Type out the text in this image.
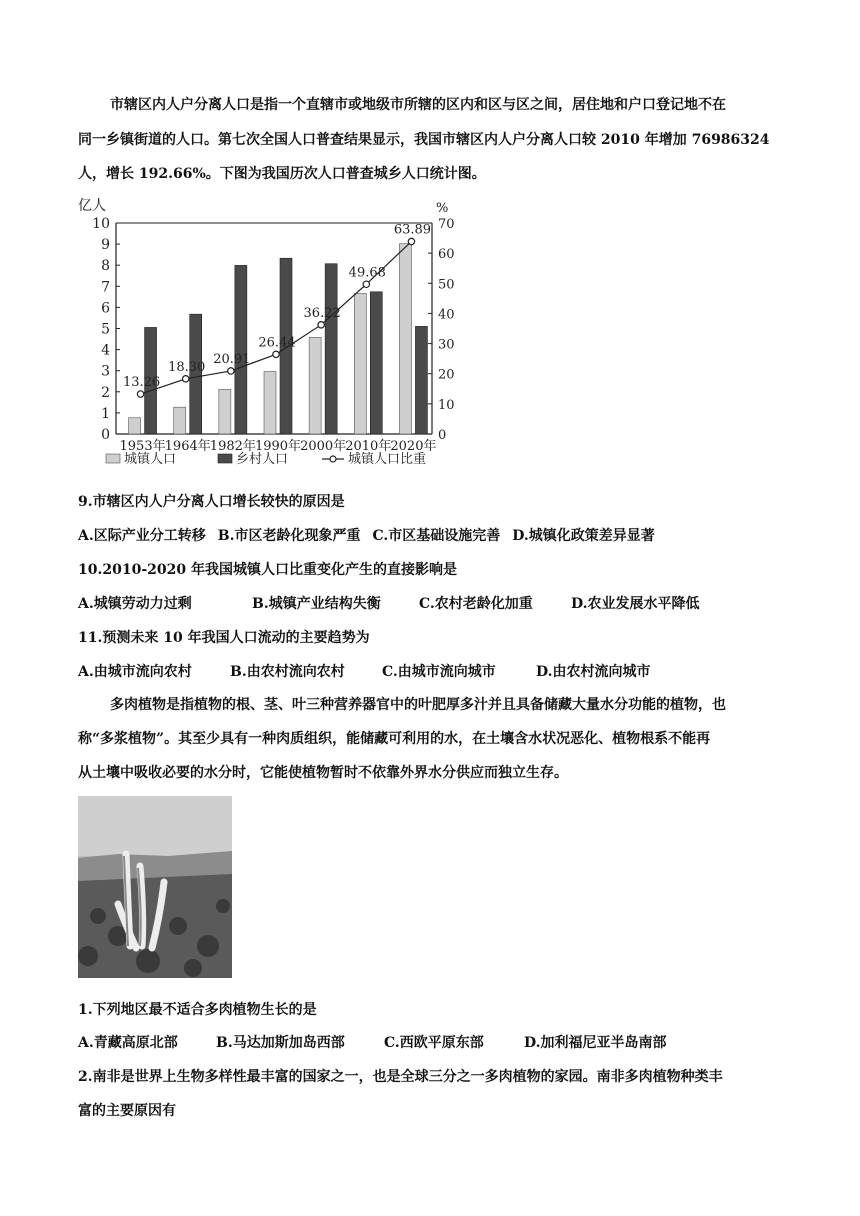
市辖区内人户分离人口是指一个直辖市或地级市所辖的区内和区与区之间，居住地和户口登记地不在
同一乡镇街道的人口。第七次全国人口普查结果显示，我国市辖区内人户分离人口较 2010 年增加 76986324
人，增长 192.66%。下图为我国历次人口普查城乡人口统计图。
0
1
2
3
4
5
6
7
8
9
10
0
10
20
30
40
50
60
70
亿人	%
1953年 1964年 1982年 1990年 2000年 2010年 2020年
13.26
18.30
20.91
26.44
36.22
49.68
63.89
城镇人口	乡村人口	城镇人口比重
9.市辖区内人户分离人口增长较快的原因是
A.区际产业分工转移 B.市区老龄化现象严重 C.市区基础设施完善 D.城镇化政策差异显著
10.2010-2020 年我国城镇人口比重变化产生的直接影响是
A.城镇劳动力过剩	B.城镇产业结构失衡	C.农村老龄化加重	D.农业发展水平降低
11.预测未来 10 年我国人口流动的主要趋势为
A.由城市流向农村	B.由农村流向农村	C.由城市流向城市	D.由农村流向城市
多肉植物是指植物的根、茎、叶三种营养器官中的叶肥厚多汁并且具备储藏大量水分功能的植物，也
称“多浆植物”。其至少具有一种肉质组织，能储藏可利用的水，在土壤含水状况恶化、植物根系不能再
从土壤中吸收必要的水分时，它能使植物暂时不依靠外界水分供应而独立生存。
1.下列地区最不适合多肉植物生长的是
A.青藏高原北部	B.马达加斯加岛西部	C.西欧平原东部	D.加利福尼亚半岛南部
2.南非是世界上生物多样性最丰富的国家之一，也是全球三分之一多肉植物的家园。南非多肉植物种类丰
富的主要原因有
